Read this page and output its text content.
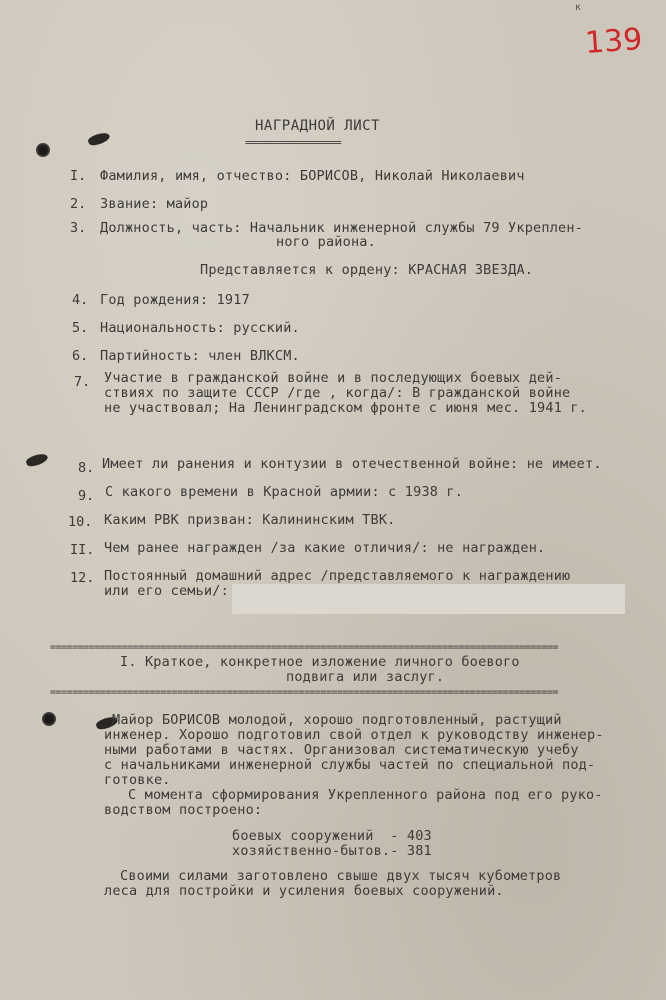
к
139
НАГРАДНОЙ ЛИСТ
=================
I. Фамилия, имя, отчество: БОРИСОВ, Николай Николаевич
2. Звание: майор
3. Должность, часть: Начальник инженерной службы 79 Укреплен-
ного района.
Представляется к ордену: КРАСНАЯ ЗВЕЗДА.
4. Год рождения: 1917
5. Национальность: русский.
6. Партийность: член ВЛКСМ.
7. Участие в гражданской войне и в последующих боевых дей-
ствиях по защите СССР /где , когда/: В гражданской войне
не участвовал; На Ленинградском фронте с июня мес. 1941 г.
8. Имеет ли ранения и контузии в отечественной войне: не имеет.
9. С какого времени в Красной армии: с 1938 г.
10. Каким РВК призван: Калининским ТВК.
II. Чем ранее награжден /за какие отличия/: не награжден.
12. Постоянный домашний адрес /представляемого к награждению
или его семьи/:
============================================================================================
I. Краткое, конкретное изложение личного боевого
подвига или заслуг.
============================================================================================
Майор БОРИСОВ молодой, хорошо подготовленный, растущий
инженер. Хорошо подготовил свой отдел к руководству инженер-
ными работами в частях. Организовал систематическую учебу
с начальниками инженерной службы частей по специальной под-
готовке.
С момента сформирования Укрепленного района под его руко-
водством построено:
боевых сооружений  - 403
хозяйственно-бытов.- 381
Своими силами заготовлено свыше двух тысяч кубометров
леса для постройки и усиления боевых сооружений.
